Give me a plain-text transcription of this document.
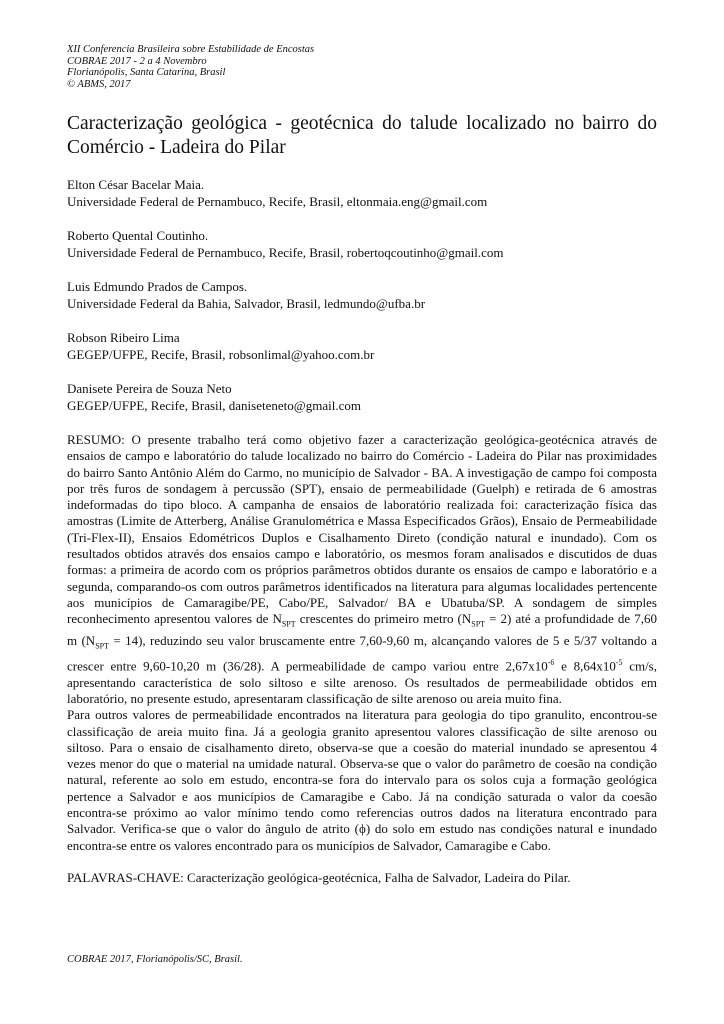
XII Conferencia Brasileira sobre Estabilidade de Encostas
COBRAE 2017 - 2 a 4 Novembro
Florianópolis, Santa Catarina, Brasil
© ABMS, 2017
Caracterização geológica - geotécnica do talude localizado no bairro do Comércio - Ladeira do Pilar
Elton César Bacelar Maia.
Universidade Federal de Pernambuco, Recife, Brasil, eltonmaia.eng@gmail.com
Roberto Quental Coutinho.
Universidade Federal de Pernambuco, Recife, Brasil, robertoqcoutinho@gmail.com
Luis Edmundo Prados de Campos.
Universidade Federal da Bahia, Salvador, Brasil, ledmundo@ufba.br
Robson Ribeiro Lima
GEGEP/UFPE, Recife, Brasil, robsonlimal@yahoo.com.br
Danisete Pereira de Souza Neto
GEGEP/UFPE, Recife, Brasil, daniseteneto@gmail.com

RESUMO: O presente trabalho terá como objetivo fazer a caracterização geológica-geotécnica através de ensaios de campo e laboratório do talude localizado no bairro do Comércio - Ladeira do Pilar nas proximidades do bairro Santo Antônio Além do Carmo, no município de Salvador - BA. A investigação de campo foi composta por três furos de sondagem à percussão (SPT), ensaio de permeabilidade (Guelph) e retirada de 6 amostras indeformadas do tipo bloco. A campanha de ensaios de laboratório realizada foi: caracterização física das amostras (Limite de Atterberg, Análise Granulométrica e Massa Especificados Grãos), Ensaio de Permeabilidade (Tri-Flex-II), Ensaios Edométricos Duplos e Cisalhamento Direto (condição natural e inundado). Com os resultados obtidos através dos ensaios campo e laboratório, os mesmos foram analisados e discutidos de duas formas: a primeira de acordo com os próprios parâmetros obtidos durante os ensaios de campo e laboratório e a segunda, comparando-os com outros parâmetros identificados na literatura para algumas localidades pertencente aos municípios de Camaragibe/PE, Cabo/PE, Salvador/ BA e Ubatuba/SP. A sondagem de simples reconhecimento apresentou valores de $N_{SPT}$ crescentes do primeiro metro $(N_{SPT} = 2)$ até a profundidade de 7,60 m $(N_{SPT} = 14)$, reduzindo seu valor bruscamente entre 7,60-9,60 m, alcançando valores de 5 e 5/37 voltando a crescer entre 9,60-10,20 m (36/28). A permeabilidade de campo variou entre $2,67x10^{-6}$ e $8,64x10^{-5}$ cm/s, apresentando característica de solo siltoso e silte arenoso. Os resultados de permeabilidade obtidos em laboratório, no presente estudo, apresentaram classificação de silte arenoso ou areia muito fina.

Para outros valores de permeabilidade encontrados na literatura para geologia do tipo granulito, encontrou-se classificação de areia muito fina. Já a geologia granito apresentou valores classificação de silte arenoso ou siltoso. Para o ensaio de cisalhamento direto, observa-se que a coesão do material inundado se apresentou 4 vezes menor do que o material na umidade natural. Observa-se que o valor do parâmetro de coesão na condição natural, referente ao solo em estudo, encontra-se fora do intervalo para os solos cuja a formação geológica pertence a Salvador e aos municípios de Camaragibe e Cabo. Já na condição saturada o valor da coesão encontra-se próximo ao valor mínimo tendo como referencias outros dados na literatura encontrado para Salvador. Verifica-se que o valor do ângulo de atrito (ϕ) do solo em estudo nas condições natural e inundado encontra-se entre os valores encontrado para os municípios de Salvador, Camaragibe e Cabo.

PALAVRAS-CHAVE: Caracterização geológica-geotécnica, Falha de Salvador, Ladeira do Pilar.
COBRAE 2017, Florianópolis/SC, Brasil.
